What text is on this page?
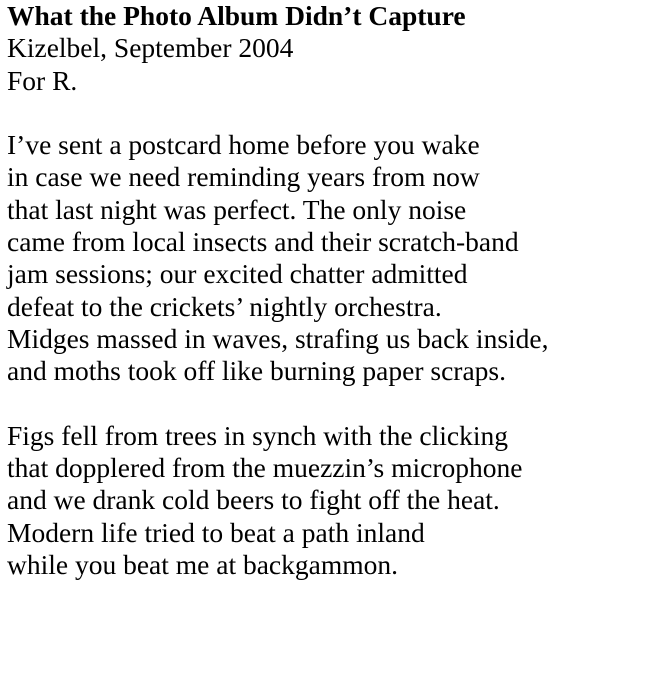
What the Photo Album Didn’t Capture
Kizelbel, September 2004
For R.
I’ve sent a postcard home before you wake
in case we need reminding years from now
that last night was perfect. The only noise
came from local insects and their scratch-band
jam sessions; our excited chatter admitted
defeat to the crickets’ nightly orchestra.
Midges massed in waves, strafing us back inside,
and moths took off like burning paper scraps.
Figs fell from trees in synch with the clicking
that dopplered from the muezzin’s microphone
and we drank cold beers to fight off the heat.
Modern life tried to beat a path inland
while you beat me at backgammon.
